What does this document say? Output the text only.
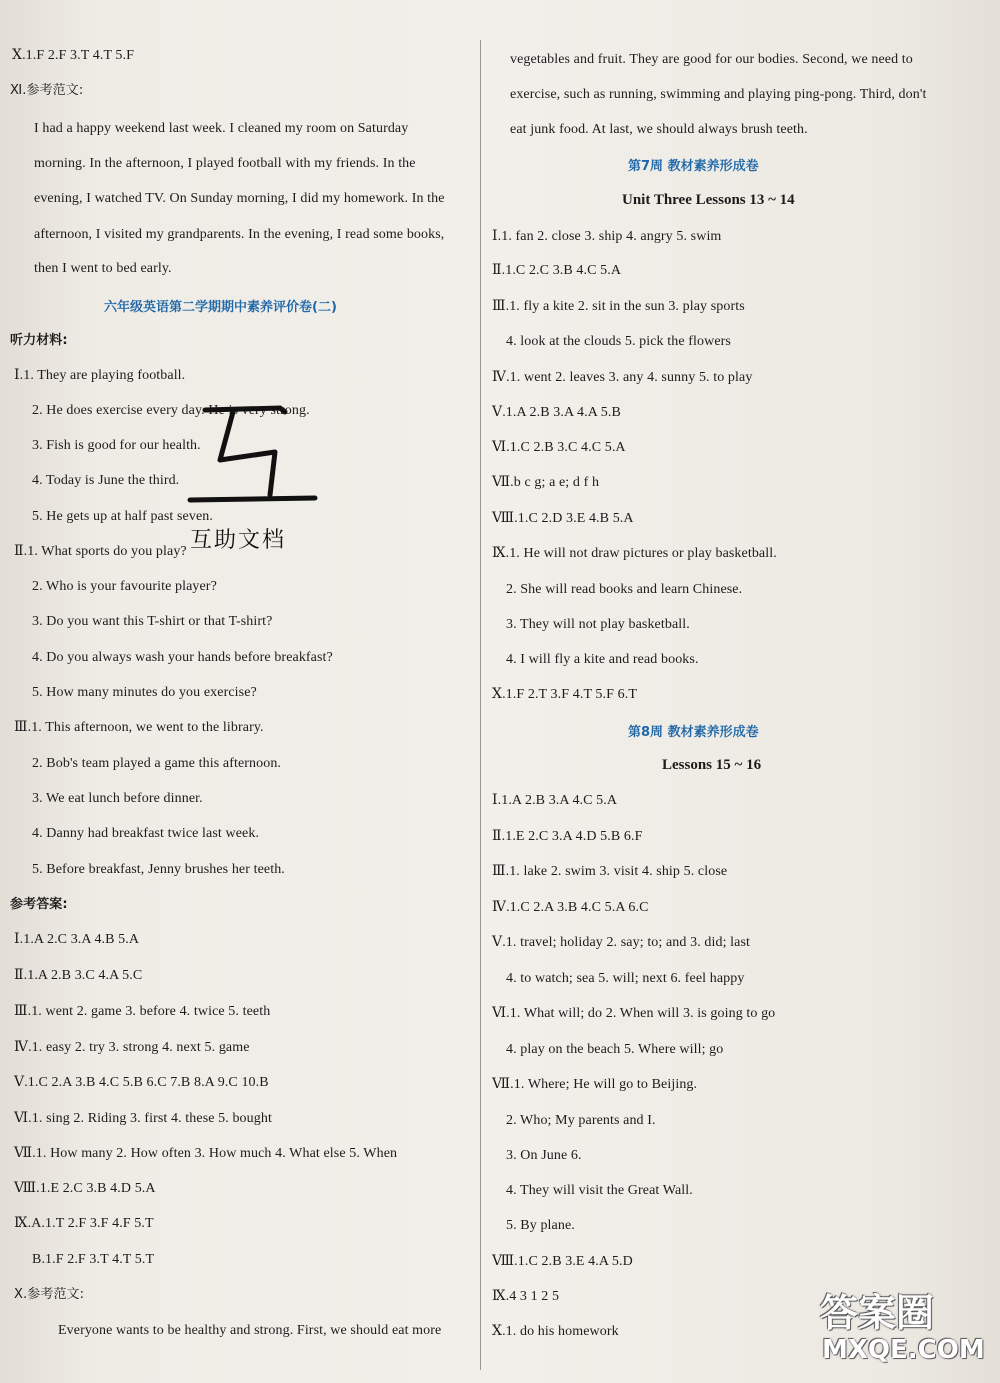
Ⅹ.1.F 2.F 3.T 4.T 5.F
Ⅺ.参考范文:
I had a happy weekend last week. I cleaned my room on Saturday
morning. In the afternoon, I played football with my friends. In the
evening, I watched TV. On Sunday morning, I did my homework. In the
afternoon, I visited my grandparents. In the evening, I read some books,
then I went to bed early.
六年级英语第二学期期中素养评价卷(二)
听力材料:
Ⅰ.1. They are playing football.
2. He does exercise every day. He is very strong.
3. Fish is good for our health.
4. Today is June the third.
5. He gets up at half past seven.
Ⅱ.1. What sports do you play?
2. Who is your favourite player?
3. Do you want this T-shirt or that T-shirt?
4. Do you always wash your hands before breakfast?
5. How many minutes do you exercise?
Ⅲ.1. This afternoon, we went to the library.
2. Bob's team played a game this afternoon.
3. We eat lunch before dinner.
4. Danny had breakfast twice last week.
5. Before breakfast, Jenny brushes her teeth.
参考答案:
Ⅰ.1.A 2.C 3.A 4.B 5.A
Ⅱ.1.A 2.B 3.C 4.A 5.C
Ⅲ.1. went 2. game 3. before 4. twice 5. teeth
Ⅳ.1. easy 2. try 3. strong 4. next 5. game
Ⅴ.1.C 2.A 3.B 4.C 5.B 6.C 7.B 8.A 9.C 10.B
Ⅵ.1. sing 2. Riding 3. first 4. these 5. bought
Ⅶ.1. How many 2. How often 3. How much 4. What else 5. When
Ⅷ.1.E 2.C 3.B 4.D 5.A
Ⅸ.A.1.T 2.F 3.F 4.F 5.T
B.1.F 2.F 3.T 4.T 5.T
Ⅹ.参考范文:
Everyone wants to be healthy and strong. First, we should eat more
vegetables and fruit. They are good for our bodies. Second, we need to
exercise, such as running, swimming and playing ping-pong. Third, don't
eat junk food. At last, we should always brush teeth.
第7周 教材素养形成卷
Unit Three Lessons 13 ~ 14
Ⅰ.1. fan 2. close 3. ship 4. angry 5. swim
Ⅱ.1.C 2.C 3.B 4.C 5.A
Ⅲ.1. fly a kite 2. sit in the sun 3. play sports
4. look at the clouds 5. pick the flowers
Ⅳ.1. went 2. leaves 3. any 4. sunny 5. to play
Ⅴ.1.A 2.B 3.A 4.A 5.B
Ⅵ.1.C 2.B 3.C 4.C 5.A
Ⅶ.b c g; a e; d f h
Ⅷ.1.C 2.D 3.E 4.B 5.A
Ⅸ.1. He will not draw pictures or play basketball.
2. She will read books and learn Chinese.
3. They will not play basketball.
4. I will fly a kite and read books.
Ⅹ.1.F 2.T 3.F 4.T 5.F 6.T
第8周 教材素养形成卷
Lessons 15 ~ 16
Ⅰ.1.A 2.B 3.A 4.C 5.A
Ⅱ.1.E 2.C 3.A 4.D 5.B 6.F
Ⅲ.1. lake 2. swim 3. visit 4. ship 5. close
Ⅳ.1.C 2.A 3.B 4.C 5.A 6.C
Ⅴ.1. travel; holiday 2. say; to; and 3. did; last
4. to watch; sea 5. will; next 6. feel happy
Ⅵ.1. What will; do 2. When will 3. is going to go
4. play on the beach 5. Where will; go
Ⅶ.1. Where; He will go to Beijing.
2. Who; My parents and I.
3. On June 6.
4. They will visit the Great Wall.
5. By plane.
Ⅷ.1.C 2.B 3.E 4.A 5.D
Ⅸ.4 3 1 2 5
Ⅹ.1. do his homework
互助文档
答案圈
MXQE.COM
